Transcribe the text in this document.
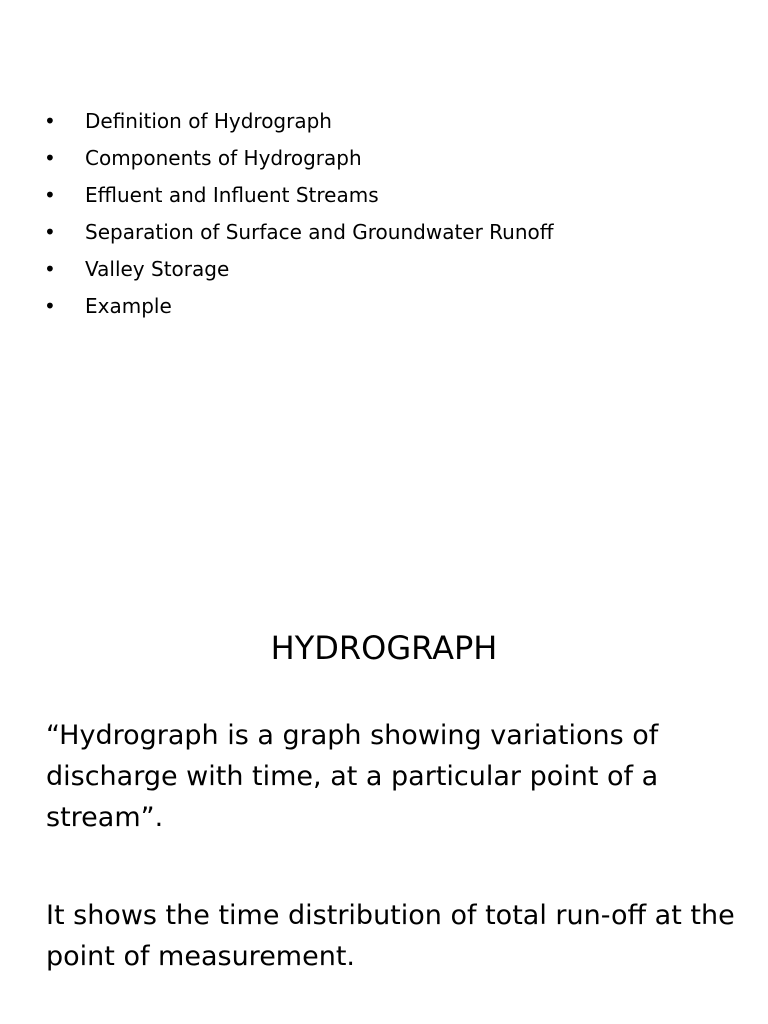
• Definition of Hydrograph
• Components of Hydrograph
• Effluent and Influent Streams
• Separation of Surface and Groundwater Runoff
• Valley Storage
• Example
HYDROGRAPH

“Hydrograph is a graph showing variations of discharge with time, at a particular point of a stream”.

It shows the time distribution of total run-off at the point of measurement.
